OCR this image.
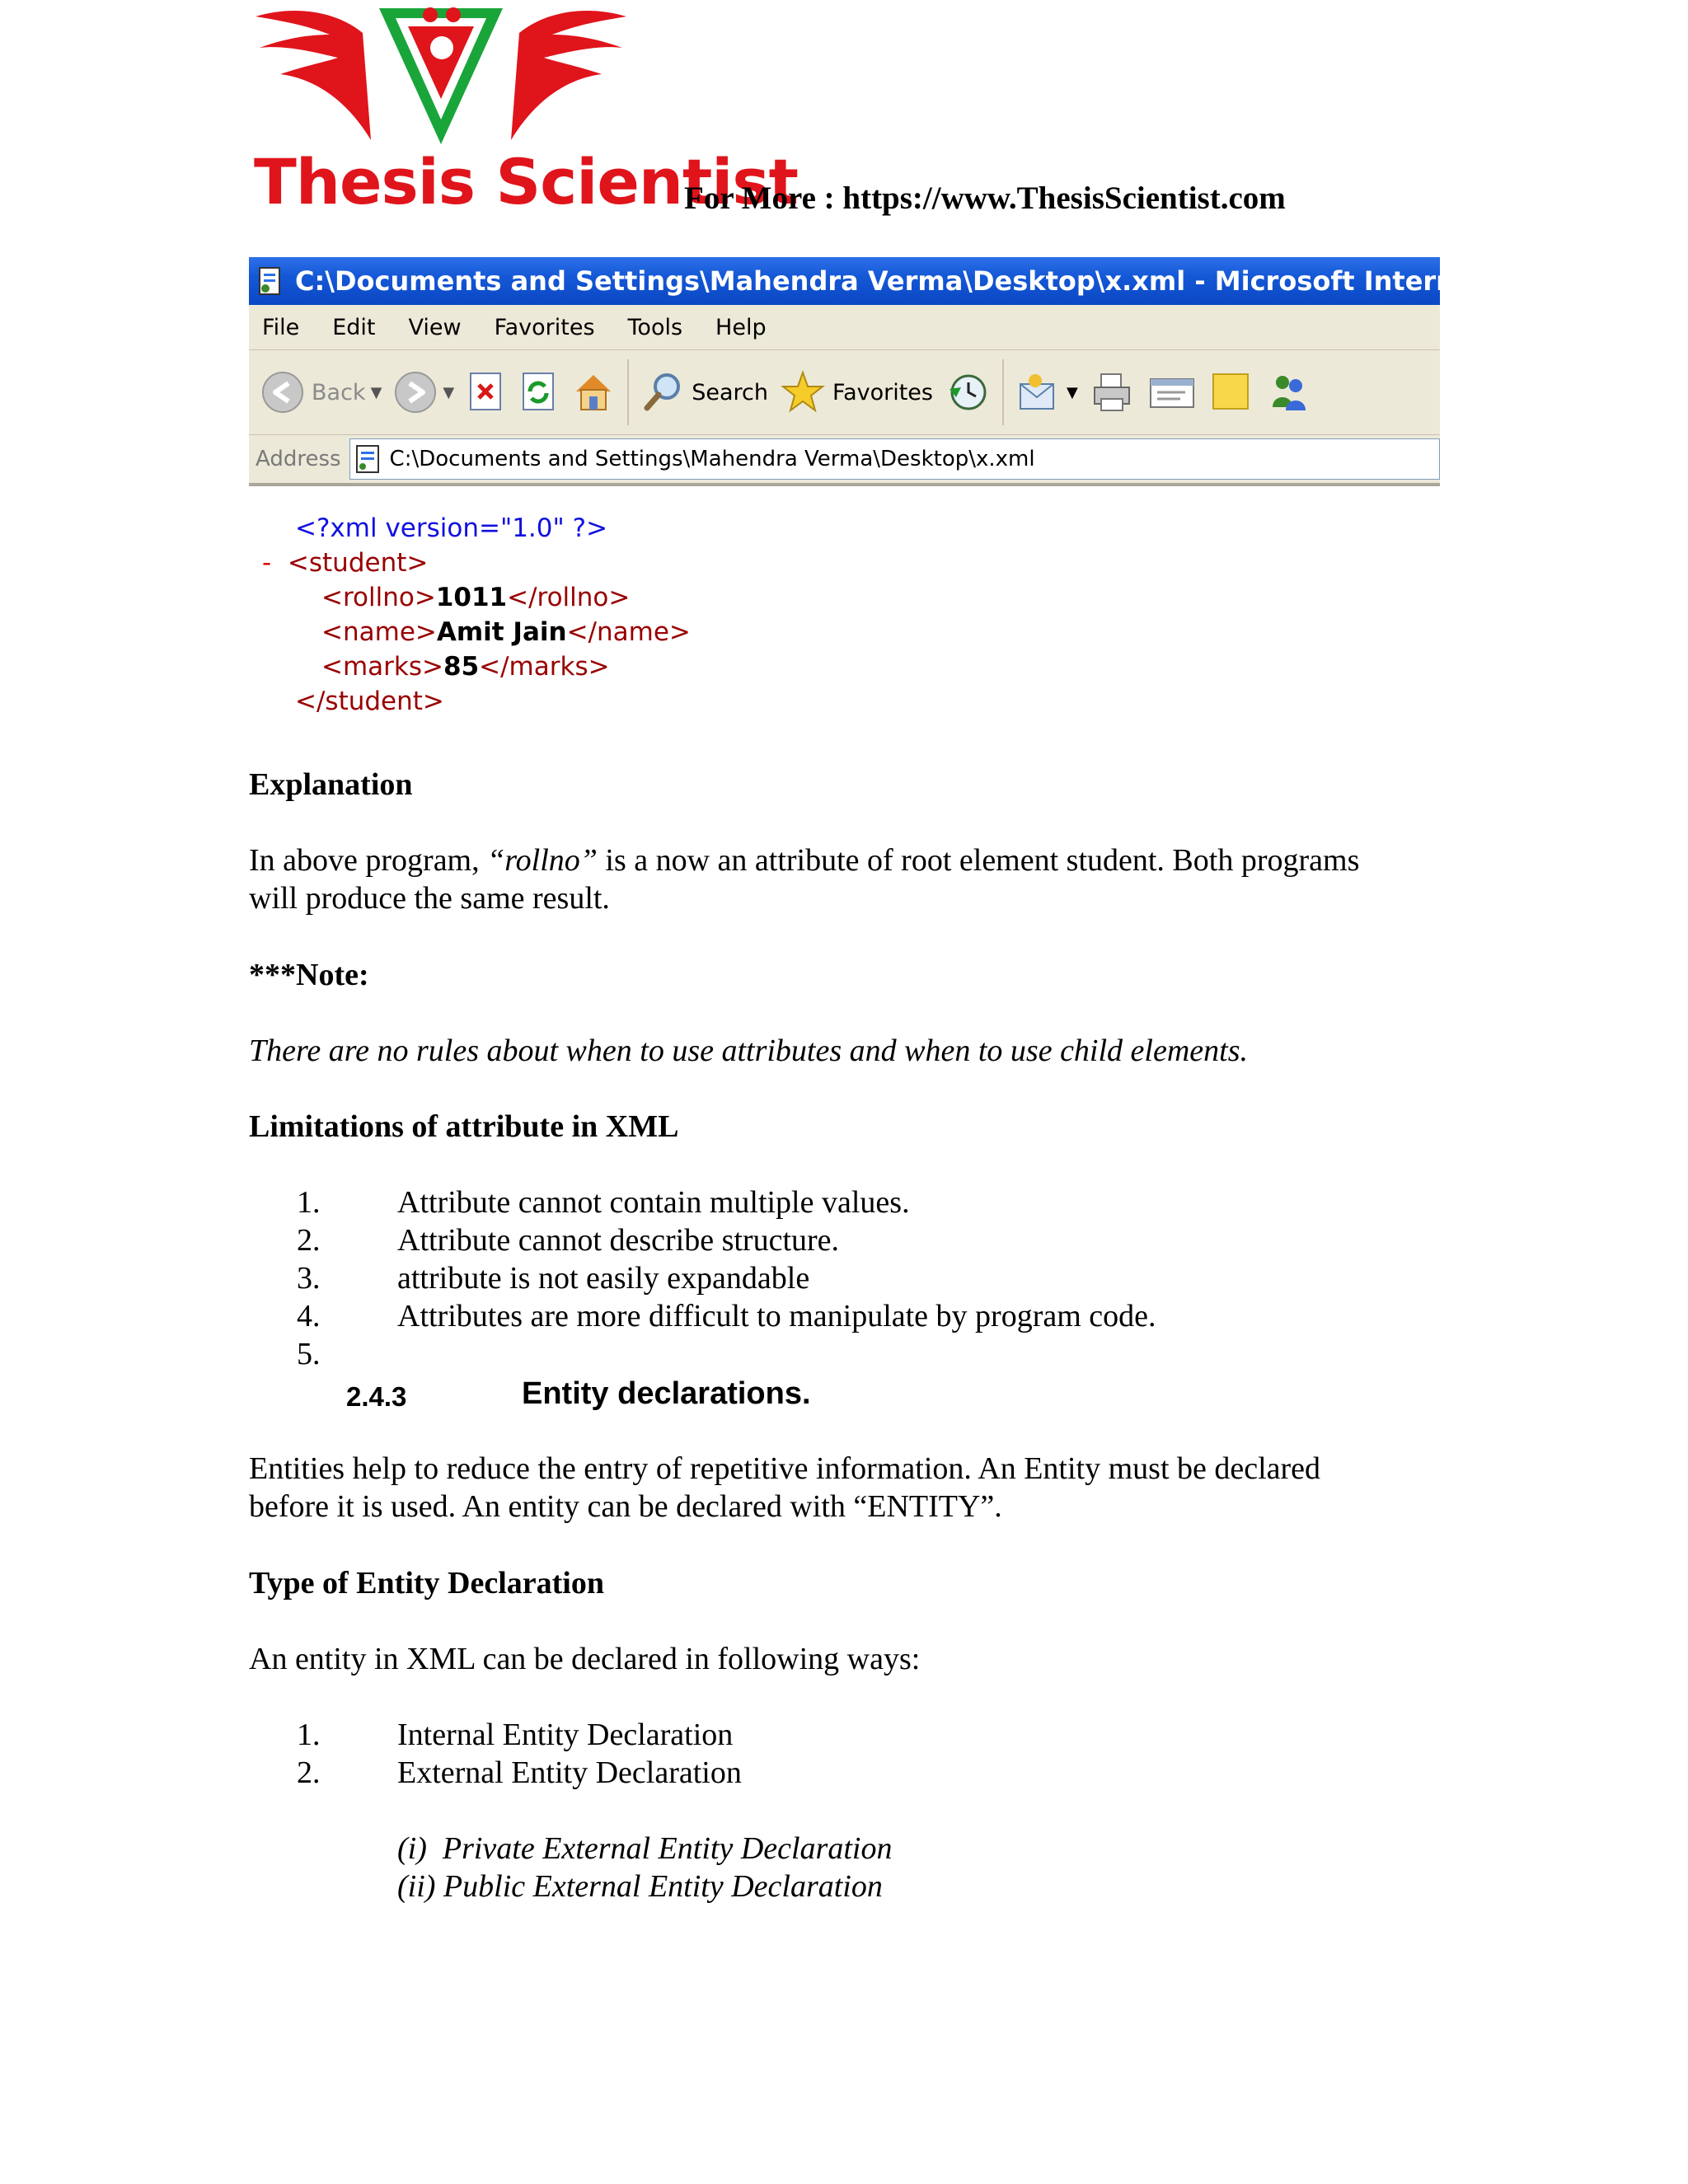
Thesis Scientist
For More : https://www.ThesisScientist.com
C:\Documents and Settings\Mahendra Verma\Desktop\x.xml - Microsoft Internet Explorer
File Edit View Favorites Tools Help
Back ▼	▼	Search	Favorites	▼
Address C:\Documents and Settings\Mahendra Verma\Desktop\x.xml
<?xml version="1.0" ?>
- <student>
<rollno>1011</rollno>
<name>Amit Jain</name>
<marks>85</marks>
</student>
Explanation
In above program, “rollno” is a now an attribute of root element student. Both programs
will produce the same result.
***Note:
There are no rules about when to use attributes and when to use child elements.
Limitations of attribute in XML
1. Attribute cannot contain multiple values.
2. Attribute cannot describe structure.
3. attribute is not easily expandable
4. Attributes are more difficult to manipulate by program code.
5.
2.4.3	Entity declarations.
Entities help to reduce the entry of repetitive information. An Entity must be declared
before it is used. An entity can be declared with “ENTITY”.
Type of Entity Declaration
An entity in XML can be declared in following ways:
1. Internal Entity Declaration
2. External Entity Declaration
(i)  Private External Entity Declaration
(ii) Public External Entity Declaration
